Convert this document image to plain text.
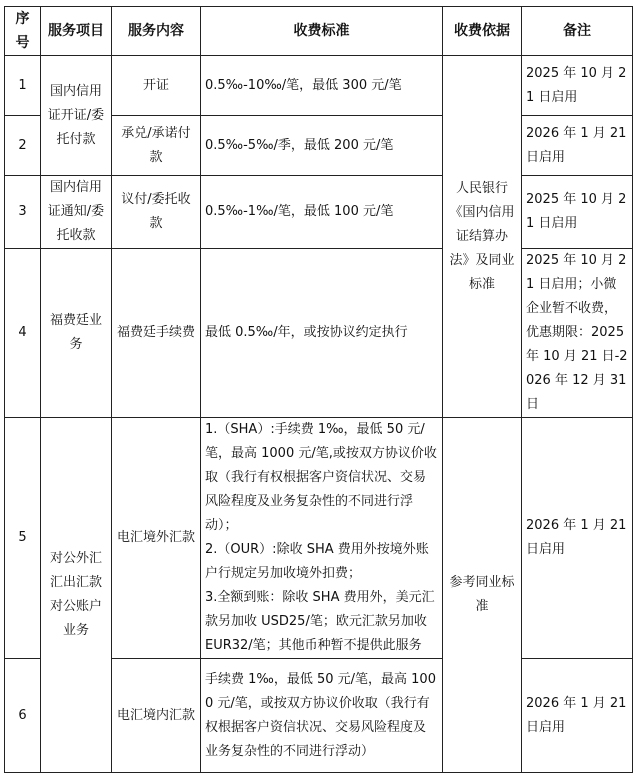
序号	服务项目	服务内容	收费标准	收费依据	备注
1	国内信用证开证/委托付款	开证	0.5‰-10‰/笔，最低 300 元/笔	人民银行《国内信用证结算办法》及同业标准	2025 年 10 月 21 日启用
2		承兑/承诺付款	0.5‰-5‰/季，最低 200 元/笔		2026 年 1 月 21 日启用
3	国内信用证通知/委托收款	议付/委托收款	0.5‰-1‰/笔，最低 100 元/笔		2025 年 10 月 21 日启用
4	福费廷业务	福费廷手续费	最低 0.5‰/年，或按协议约定执行		2025 年 10 月 21 日启用；小微企业暂不收费，优惠期限：2025 年 10 月 21 日-2026 年 12 月 31 日
5	对公外汇汇出汇款对公账户业务	电汇境外汇款	1.（SHA）:手续费 1‰，最低 50 元/笔，最高 1000 元/笔,或按双方协议价收取（我行有权根据客户资信状况、交易风险程度及业务复杂性的不同进行浮动）；
2.（OUR）:除收 SHA 费用外按境外账户行规定另加收境外扣费；
3.全额到账：除收 SHA 费用外，美元汇款另加收 USD25/笔；欧元汇款另加收 EUR32/笔；其他币种暂不提供此服务	参考同业标准	2026 年 1 月 21 日启用
6		电汇境内汇款	手续费 1‰，最低 50 元/笔，最高 1000 元/笔，或按双方协议价收取（我行有权根据客户资信状况、交易风险程度及业务复杂性的不同进行浮动）		2026 年 1 月 21 日启用
